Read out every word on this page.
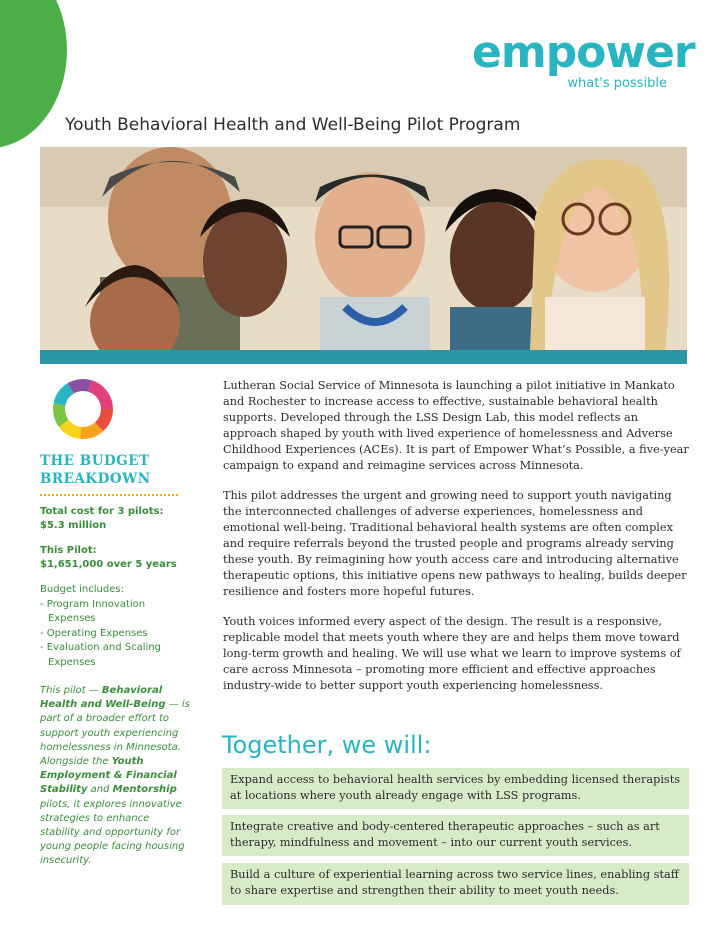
empower
what's possible
Youth Behavioral Health and Well-Being Pilot Program
THE BUDGET
BREAKDOWN
Total cost for 3 pilots:
$5.3 million
This Pilot:
$1,651,000 over 5 years
Budget includes:
- Program Innovation Expenses
- Operating Expenses
- Evaluation and Scaling Expenses
This pilot — Behavioral Health and Well-Being — is part of a broader effort to support youth experiencing homelessness in Minnesota. Alongside the Youth Employment & Financial Stability and Mentorship pilots, it explores innovative strategies to enhance stability and opportunity for young people facing housing insecurity.

Lutheran Social Service of Minnesota is launching a pilot initiative in Mankato and Rochester to increase access to effective, sustainable behavioral health supports. Developed through the LSS Design Lab, this model reflects an approach shaped by youth with lived experience of homelessness and Adverse Childhood Experiences (ACEs). It is part of Empower What’s Possible, a five-year campaign to expand and reimagine services across Minnesota.

This pilot addresses the urgent and growing need to support youth navigating the interconnected challenges of adverse experiences, homelessness and emotional well-being. Traditional behavioral health systems are often complex and require referrals beyond the trusted people and programs already serving these youth. By reimagining how youth access care and introducing alternative therapeutic options, this initiative opens new pathways to healing, builds deeper resilience and fosters more hopeful futures.

Youth voices informed every aspect of the design. The result is a responsive, replicable model that meets youth where they are and helps them move toward long-term growth and healing. We will use what we learn to improve systems of care across Minnesota – promoting more efficient and effective approaches industry-wide to better support youth experiencing homelessness.

Together, we will:
Expand access to behavioral health services by embedding licensed therapists at locations where youth already engage with LSS programs.
Integrate creative and body-centered therapeutic approaches – such as art therapy, mindfulness and movement – into our current youth services.
Build a culture of experiential learning across two service lines, enabling staff to share expertise and strengthen their ability to meet youth needs.
